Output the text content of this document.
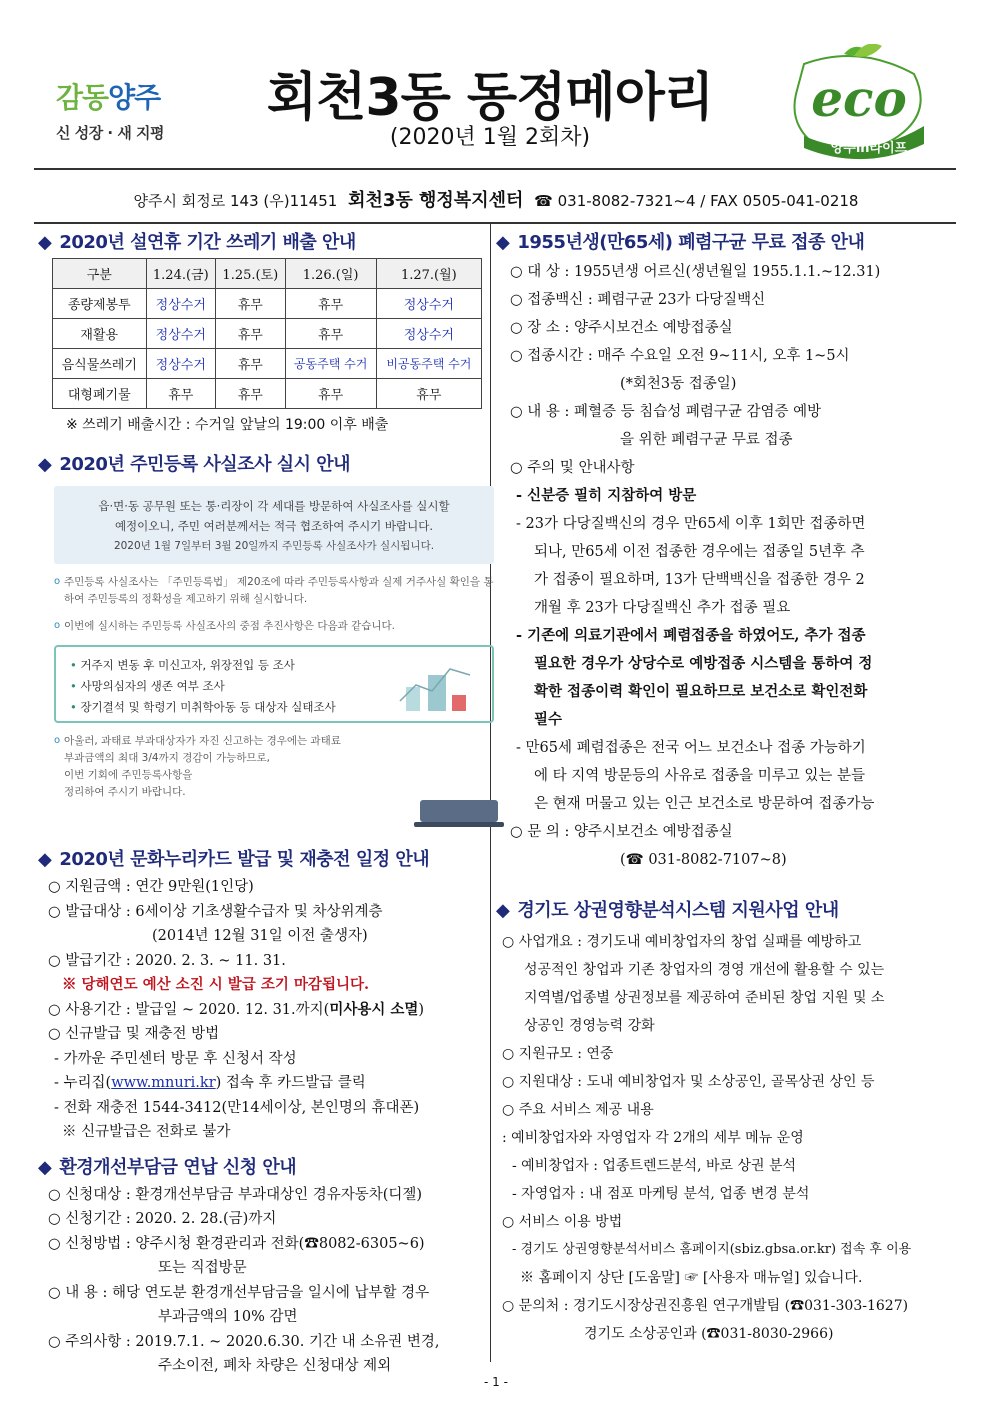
감동양주
신 성장 · 새 지평
회천3동 동정메아리
(2020년 1월 2회차)
eco
양주in라이프
양주시 회정로 143 (우)11451 회천3동 행정복지센터 ☎ 031-8082-7321~4 / FAX 0505-041-0218
◆ 2020년 설연휴 기간 쓰레기 배출 안내
구분	1.24.(금)	1.25.(토)	1.26.(일)	1.27.(월)
종량제봉투	정상수거	휴무	휴무	정상수거
재활용	정상수거	휴무	휴무	정상수거
음식물쓰레기	정상수거	휴무	공동주택 수거	비공동주택 수거
대형폐기물	휴무	휴무	휴무	휴무
※ 쓰레기 배출시간 : 수거일 앞날의 19:00 이후 배출
◆ 2020년 주민등록 사실조사 실시 안내
읍·면·동 공무원 또는 통·리장이 각 세대를 방문하여 사실조사를 실시할
예정이오니, 주민 여러분께서는 적극 협조하여 주시기 바랍니다.
2020년 1월 7일부터 3월 20일까지 주민등록 사실조사가 실시됩니다.
o 주민등록 사실조사는 「주민등록법」 제20조에 따라 주민등록사항과 실제 거주사실 확인을 통하여 주민등록의 정확성을 제고하기 위해 실시합니다.
o 이번에 실시하는 주민등록 사실조사의 중점 추진사항은 다음과 같습니다.
• 거주지 변동 후 미신고자, 위장전입 등 조사
• 사망의심자의 생존 여부 조사
• 장기결석 및 학령기 미취학아동 등 대상자 실태조사
o 아울러, 과태료 부과대상자가 자진 신고하는 경우에는 과태료
부과금액의 최대 3/4까지 경감이 가능하므로,
이번 기회에 주민등록사항을
정리하여 주시기 바랍니다.
◆ 2020년 문화누리카드 발급 및 재충전 일정 안내
○ 지원금액 : 연간 9만원(1인당)
○ 발급대상 : 6세이상 기초생활수급자 및 차상위계층
(2014년 12월 31일 이전 출생자)
○ 발급기간 : 2020. 2. 3. ~ 11. 31.
※ 당해연도 예산 소진 시 발급 조기 마감됩니다.
○ 사용기간 : 발급일 ~ 2020. 12. 31.까지(미사용시 소멸)
○ 신규발급 및 재충전 방법
- 가까운 주민센터 방문 후 신청서 작성
- 누리집(www.mnuri.kr) 접속 후 카드발급 클릭
- 전화 재충전 1544-3412(만14세이상, 본인명의 휴대폰)
※ 신규발급은 전화로 불가
◆ 환경개선부담금 연납 신청 안내
○ 신청대상 : 환경개선부담금 부과대상인 경유자동차(디젤)
○ 신청기간 : 2020. 2. 28.(금)까지
○ 신청방법 : 양주시청 환경관리과 전화(☎8082-6305~6)
또는 직접방문
○ 내 용 : 해당 연도분 환경개선부담금을 일시에 납부할 경우
부과금액의 10% 감면
○ 주의사항 : 2019.7.1. ~ 2020.6.30. 기간 내 소유권 변경,
주소이전, 폐차 차량은 신청대상 제외
◆ 1955년생(만65세) 폐렴구균 무료 접종 안내
○ 대 상 : 1955년생 어르신(생년월일 1955.1.1.~12.31)
○ 접종백신 : 폐렴구균 23가 다당질백신
○ 장 소 : 양주시보건소 예방접종실
○ 접종시간 : 매주 수요일 오전 9~11시, 오후 1~5시
(*회천3동 접종일)
○ 내 용 : 폐혈증 등 침습성 폐렴구균 감염증 예방
을 위한 폐렴구균 무료 접종
○ 주의 및 안내사항
- 신분증 필히 지참하여 방문
- 23가 다당질백신의 경우 만65세 이후 1회만 접종하면
되나, 만65세 이전 접종한 경우에는 접종일 5년후 추
가 접종이 필요하며, 13가 단백백신을 접종한 경우 2
개월 후 23가 다당질백신 추가 접종 필요
- 기존에 의료기관에서 폐렴접종을 하였어도, 추가 접종
필요한 경우가 상당수로 예방접종 시스템을 통하여 정
확한 접종이력 확인이 필요하므로 보건소로 확인전화
필수
- 만65세 폐렴접종은 전국 어느 보건소나 접종 가능하기
에 타 지역 방문등의 사유로 접종을 미루고 있는 분들
은 현재 머물고 있는 인근 보건소로 방문하여 접종가능
○ 문 의 : 양주시보건소 예방접종실
(☎ 031-8082-7107~8)
◆ 경기도 상권영향분석시스템 지원사업 안내
○ 사업개요 : 경기도내 예비창업자의 창업 실패를 예방하고
성공적인 창업과 기존 창업자의 경영 개선에 활용할 수 있는
지역별/업종별 상권정보를 제공하여 준비된 창업 지원 및 소
상공인 경영능력 강화
○ 지원규모 : 연중
○ 지원대상 : 도내 예비창업자 및 소상공인, 골목상권 상인 등
○ 주요 서비스 제공 내용
: 예비창업자와 자영업자 각 2개의 세부 메뉴 운영
- 예비창업자 : 업종트렌드분석, 바로 상권 분석
- 자영업자 : 내 점포 마케팅 분석, 업종 변경 분석
○ 서비스 이용 방법
- 경기도 상권영향분석서비스 홈페이지(sbiz.gbsa.or.kr) 접속 후 이용
※ 홈페이지 상단 [도움말] ☞ [사용자 매뉴얼] 있습니다.
○ 문의처 : 경기도시장상권진흥원 연구개발팀 (☎031-303-1627)
경기도 소상공인과 (☎031-8030-2966)
- 1 -
